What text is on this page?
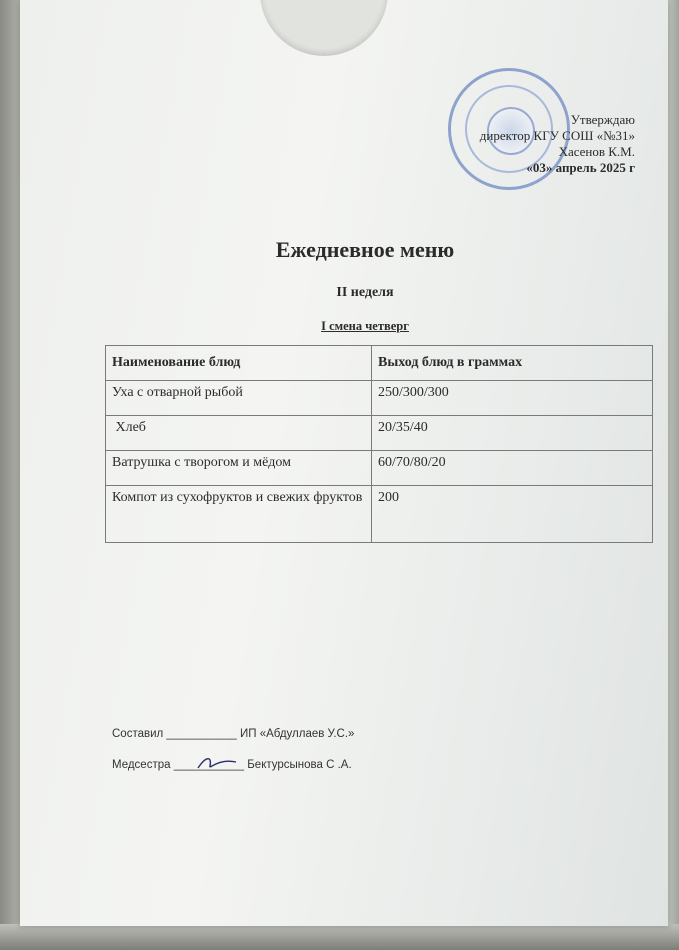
Утверждаю
директор КГУ СОШ «№31»
Хасенов К.М.
«03» апрель 2025 г
Ежедневное меню
II неделя
I смена четверг
Наименование блюд	Выход блюд в граммах
Уха с отварной рыбой	250/300/300
Хлеб	20/35/40
Ватрушка с творогом и мёдом	60/70/80/20
Компот из сухофруктов и свежих фруктов	200
Составил ___________ ИП «Абдуллаев У.С.»
Медсестра ___________ Бектурсынова С .А.
